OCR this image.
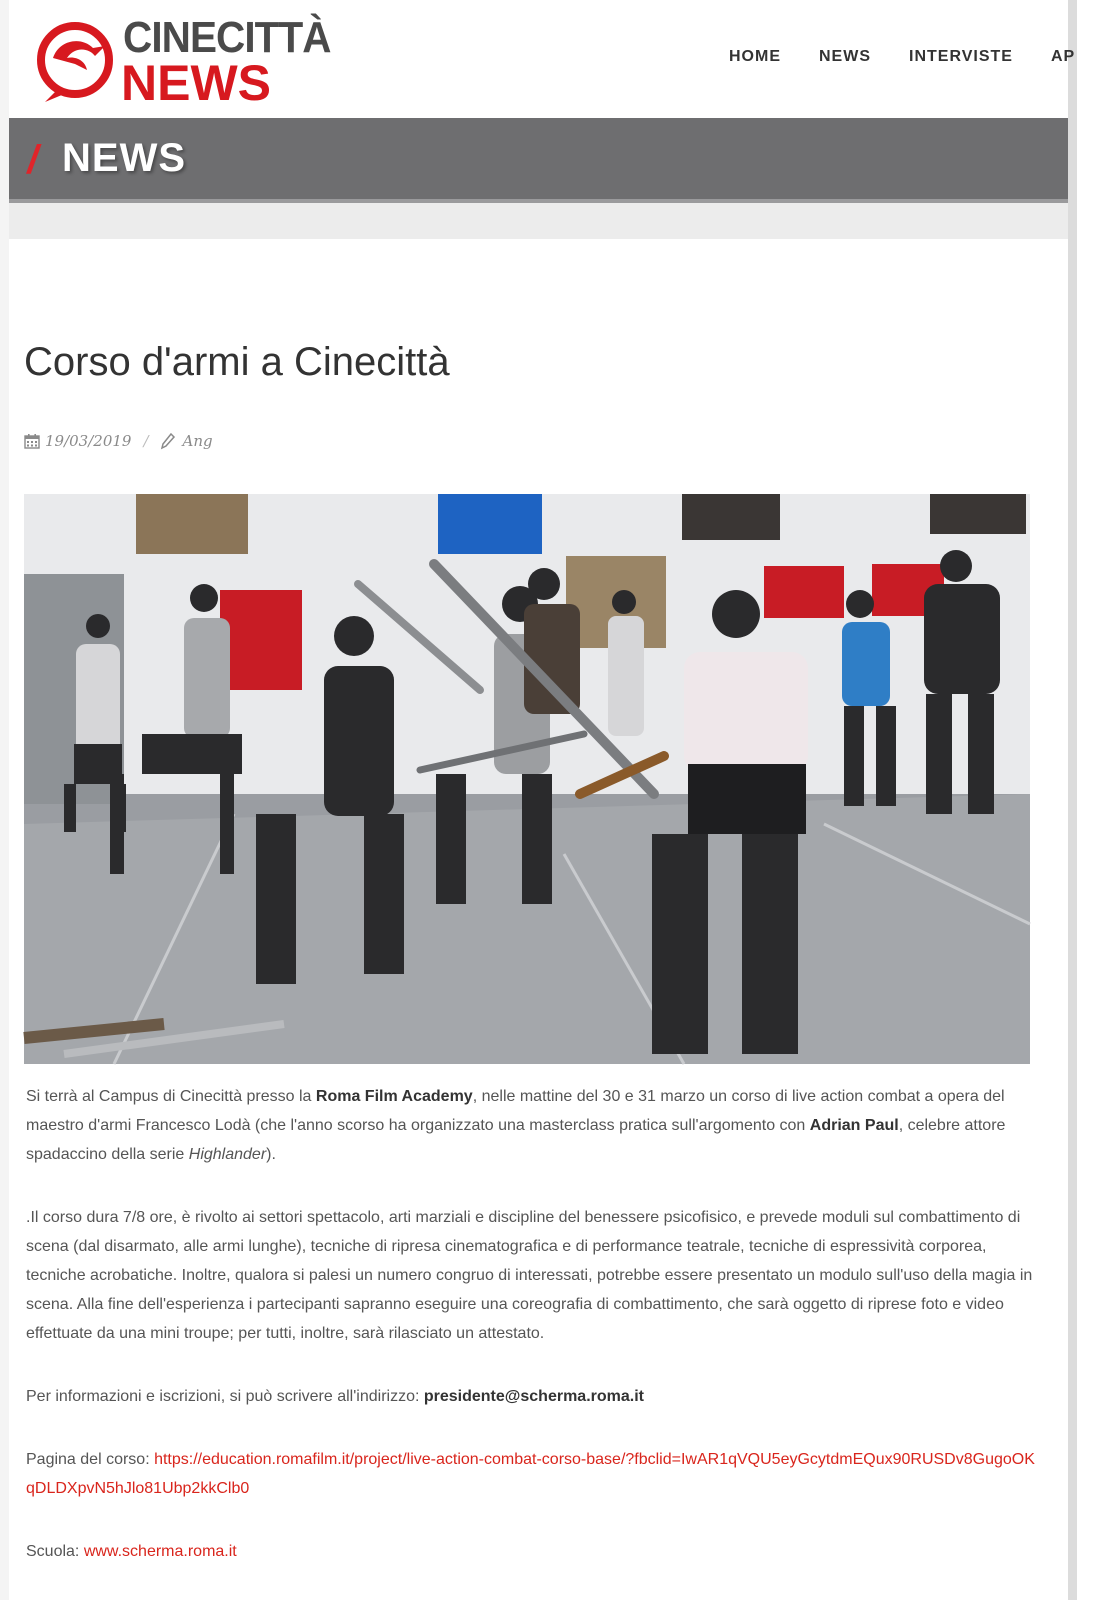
CINECITTÀ
NEWS	HOME NEWS INTERVISTE AP
/ NEWS
Corso d'armi a Cinecittà
19/03/2019 / Ang

Si terrà al Campus di Cinecittà presso la Roma Film Academy, nelle mattine del 30 e 31 marzo un corso di live action combat a opera del maestro d'armi Francesco Lodà (che l'anno scorso ha organizzato una masterclass pratica sull'argomento con Adrian Paul, celebre attore spadaccino della serie Highlander).

.Il corso dura 7/8 ore, è rivolto ai settori spettacolo, arti marziali e discipline del benessere psicofisico, e prevede moduli sul combattimento di scena (dal disarmato, alle armi lunghe), tecniche di ripresa cinematografica e di performance teatrale, tecniche di espressività corporea, tecniche acrobatiche. Inoltre, qualora si palesi un numero congruo di interessati, potrebbe essere presentato un modulo sull'uso della magia in scena. Alla fine dell'esperienza i partecipanti sapranno eseguire una coreografia di combattimento, che sarà oggetto di riprese foto e video effettuate da una mini troupe; per tutti, inoltre, sarà rilasciato un attestato.

Per informazioni e iscrizioni, si può scrivere all'indirizzo: presidente@scherma.roma.it

Pagina del corso: https://education.romafilm.it/project/live-action-combat-corso-base/?fbclid=IwAR1qVQU5eyGcytdmEQux90RUSDv8GugoOKqDLDXpvN5hJlo81Ubp2kkClb0

Scuola: www.scherma.roma.it
